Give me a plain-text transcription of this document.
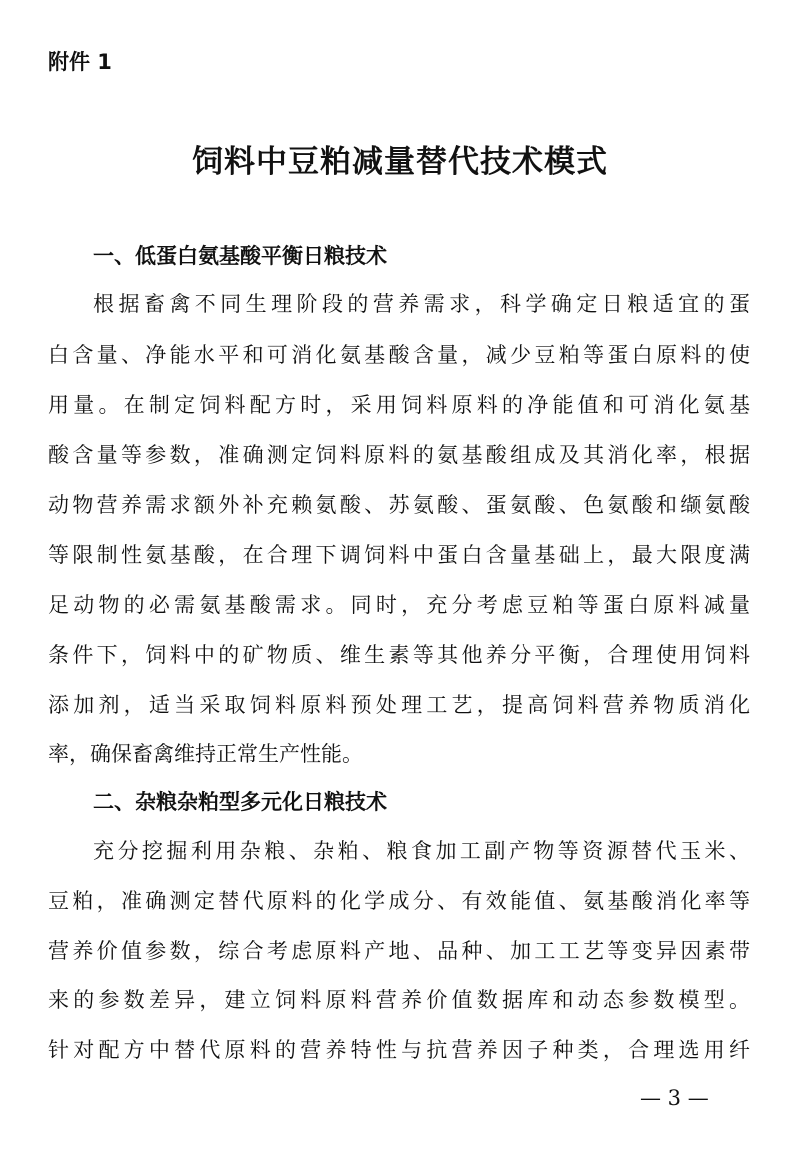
附件 1
饲料中豆粕减量替代技术模式
一、低蛋白氨基酸平衡日粮技术
根据畜禽不同生理阶段的营养需求，科学确定日粮适宜的蛋
白含量、净能水平和可消化氨基酸含量，减少豆粕等蛋白原料的使
用量。在制定饲料配方时，采用饲料原料的净能值和可消化氨基
酸含量等参数，准确测定饲料原料的氨基酸组成及其消化率，根据
动物营养需求额外补充赖氨酸、苏氨酸、蛋氨酸、色氨酸和缬氨酸
等限制性氨基酸，在合理下调饲料中蛋白含量基础上，最大限度满
足动物的必需氨基酸需求。同时，充分考虑豆粕等蛋白原料减量
条件下，饲料中的矿物质、维生素等其他养分平衡，合理使用饲料
添加剂，适当采取饲料原料预处理工艺，提高饲料营养物质消化
率，确保畜禽维持正常生产性能。
二、杂粮杂粕型多元化日粮技术
充分挖掘利用杂粮、杂粕、粮食加工副产物等资源替代玉米、
豆粕，准确测定替代原料的化学成分、有效能值、氨基酸消化率等
营养价值参数，综合考虑原料产地、品种、加工工艺等变异因素带
来的参数差异，建立饲料原料营养价值数据库和动态参数模型。
针对配方中替代原料的营养特性与抗营养因子种类，合理选用纤
— 3 —
